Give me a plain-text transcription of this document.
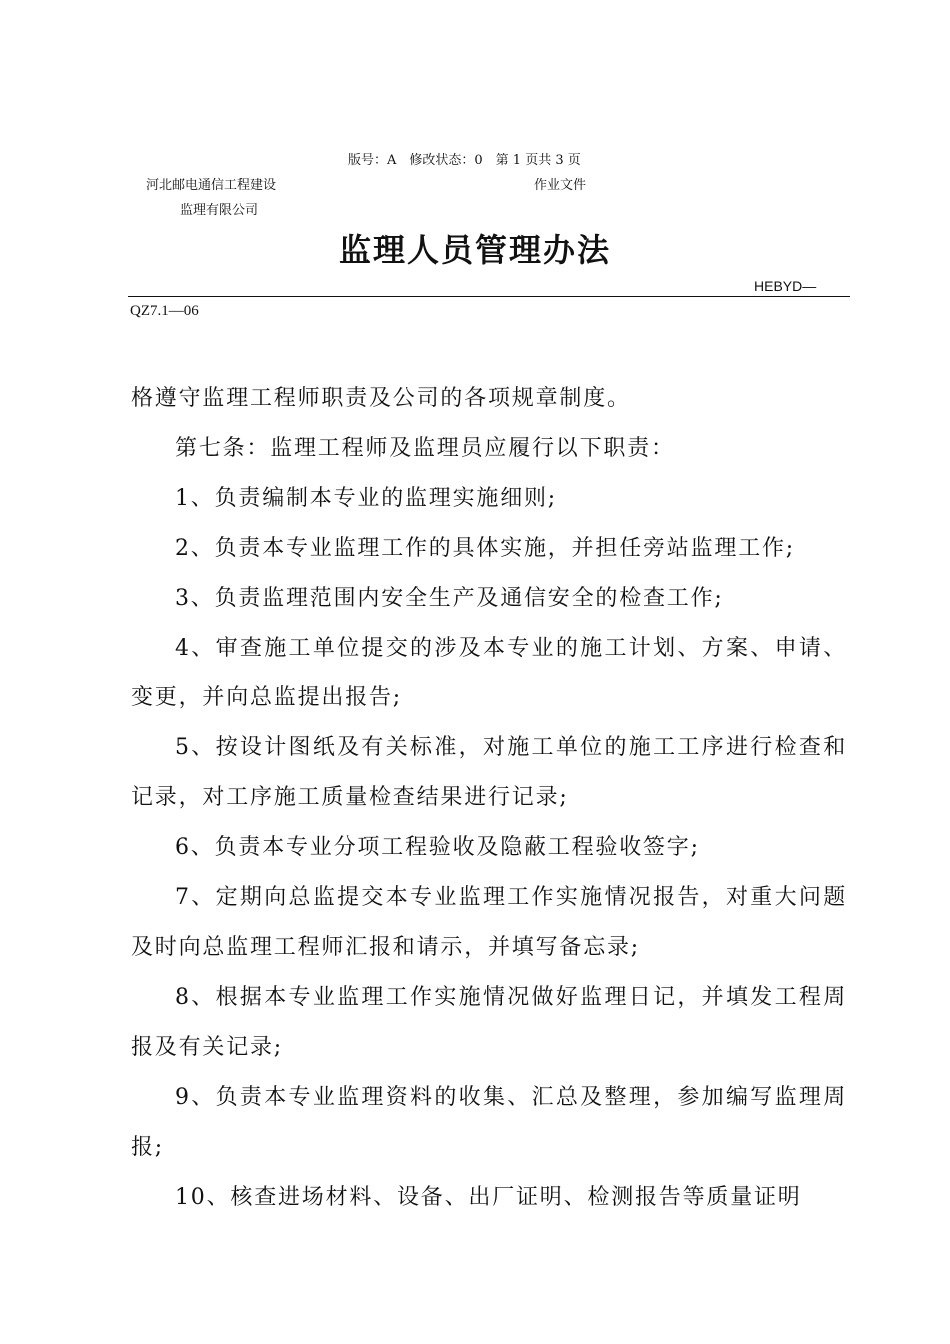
版号：A　修改状态：0　第 1 页共 3 页
河北邮电通信工程建设
监理有限公司
作业文件
监理人员管理办法
HEBYD—
QZ7.1—06

格遵守监理工程师职责及公司的各项规章制度。

第七条：监理工程师及监理员应履行以下职责：

1、负责编制本专业的监理实施细则;

2、负责本专业监理工作的具体实施，并担任旁站监理工作;

3、负责监理范围内安全生产及通信安全的检查工作;

4、审查施工单位提交的涉及本专业的施工计划、方案、申请、变更，并向总监提出报告;

5、按设计图纸及有关标准，对施工单位的施工工序进行检查和记录，对工序施工质量检查结果进行记录;

6、负责本专业分项工程验收及隐蔽工程验收签字;

7、定期向总监提交本专业监理工作实施情况报告，对重大问题及时向总监理工程师汇报和请示，并填写备忘录;

8、根据本专业监理工作实施情况做好监理日记，并填发工程周报及有关记录;

9、负责本专业监理资料的收集、汇总及整理，参加编写监理周报;

10、核查进场材料、设备、出厂证明、检测报告等质量证明
